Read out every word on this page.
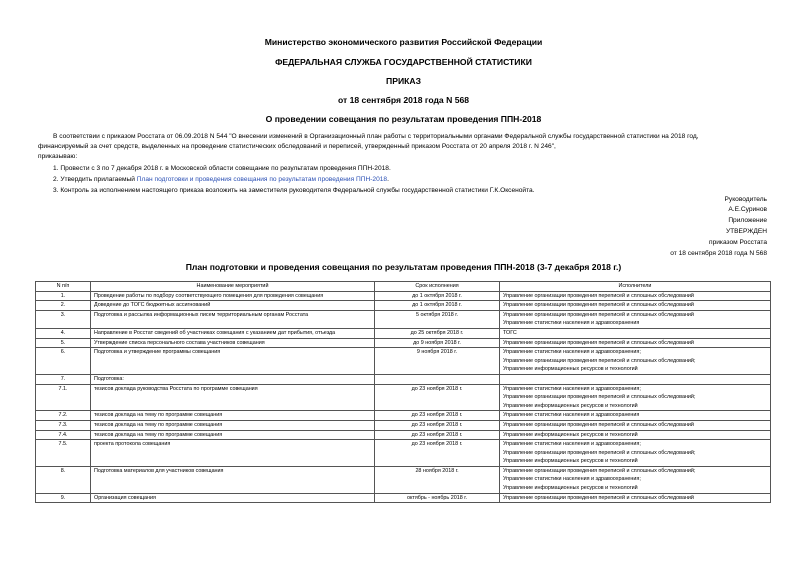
Министерство экономического развития Российской Федерации
ФЕДЕРАЛЬНАЯ СЛУЖБА ГОСУДАРСТВЕННОЙ СТАТИСТИКИ
ПРИКАЗ
от 18 сентября 2018 года N 568
О проведении совещания по результатам проведения ППН-2018
В соответствии с приказом Росстата от 06.09.2018 N 544 "О внесении изменений в Организационный план работы с территориальными органами Федеральной службы государственной статистики на 2018 год,
финансируемый за счет средств, выделенных на проведение статистических обследований и переписей, утвержденный приказом Росстата от 20 апреля 2018 г. N 246",
приказываю:
1. Провести с 3 по 7 декабря 2018 г. в Московской области совещание по результатам проведения ППН-2018.
2. Утвердить прилагаемый План подготовки и проведения совещания по результатам проведения ППН-2018.
3. Контроль за исполнением настоящего приказа возложить на заместителя руководителя Федеральной службы государственной статистики Г.К.Оксенойта.
Руководитель
А.Е.Суринов
Приложение
УТВЕРЖДЕН
приказом Росстата
от 18 сентября 2018 года N 568
План подготовки и проведения совещания по результатам проведения ППН-2018 (3-7 декабря 2018 г.)
N п/п	Наименование мероприятий	Срок исполнения	Исполнители
1.	Проведение работы по подбору соответствующего помещения для проведения совещания	до 1 октября 2018 г.	Управление организации проведения переписей и сплошных обследований

2.	Доведение до ТОГС бюджетных ассигнований	до 1 октября 2018 г.	Управление организации проведения переписей и сплошных обследований

3.	Подготовка и рассылка информационных писем территориальным органам Росстата	5 октября 2018 г.	Управление организации проведения переписей и сплошных обследований
Управление статистики населения и здравоохранения

4.	Направление в Росстат сведений об участниках совещания с указанием дат прибытия, отъезда	до 25 октября 2018 г.	ТОГС

5.	Утверждение списка персонального состава участников совещания	до 9 ноября 2018 г.	Управление организации проведения переписей и сплошных обследований

6.	Подготовка и утверждение программы совещания	9 ноября 2018 г.	Управление статистики населения и здравоохранения;
Управление организации проведения переписей и сплошных обследований;
Управление информационных ресурсов и технологий

7.	Подготовка:		
7.1.	тезисов доклада руководства Росстата по программе совещания	до 23 ноября 2018 г.	Управление статистики населения и здравоохранения;
Управление организации проведения переписей и сплошных обследований;
Управление информационных ресурсов и технологий

7.2.	тезисов доклада на тему по программе совещания	до 23 ноября 2018 г.	Управление статистики населения и здравоохранения

7.3.	тезисов доклада на тему по программе совещания	до 23 ноября 2018 г.	Управление организации проведения переписей и сплошных обследований

7.4.	тезисов доклада на тему по программе совещания	до 23 ноября 2018 г.	Управление информационных ресурсов и технологий

7.5.	проекта протокола совещания	до 23 ноября 2018 г.	Управление статистики населения и здравоохранения;
Управление организации проведения переписей и сплошных обследований;
Управление информационных ресурсов и технологий

8.	Подготовка материалов для участников совещания	28 ноября 2018 г.	Управление организации проведения переписей и сплошных обследований;
Управление статистики населения и здравоохранения;
Управление информационных ресурсов и технологий

9.	Организация совещания	октябрь - ноябрь 2018 г.	Управление организации проведения переписей и сплошных обследований
